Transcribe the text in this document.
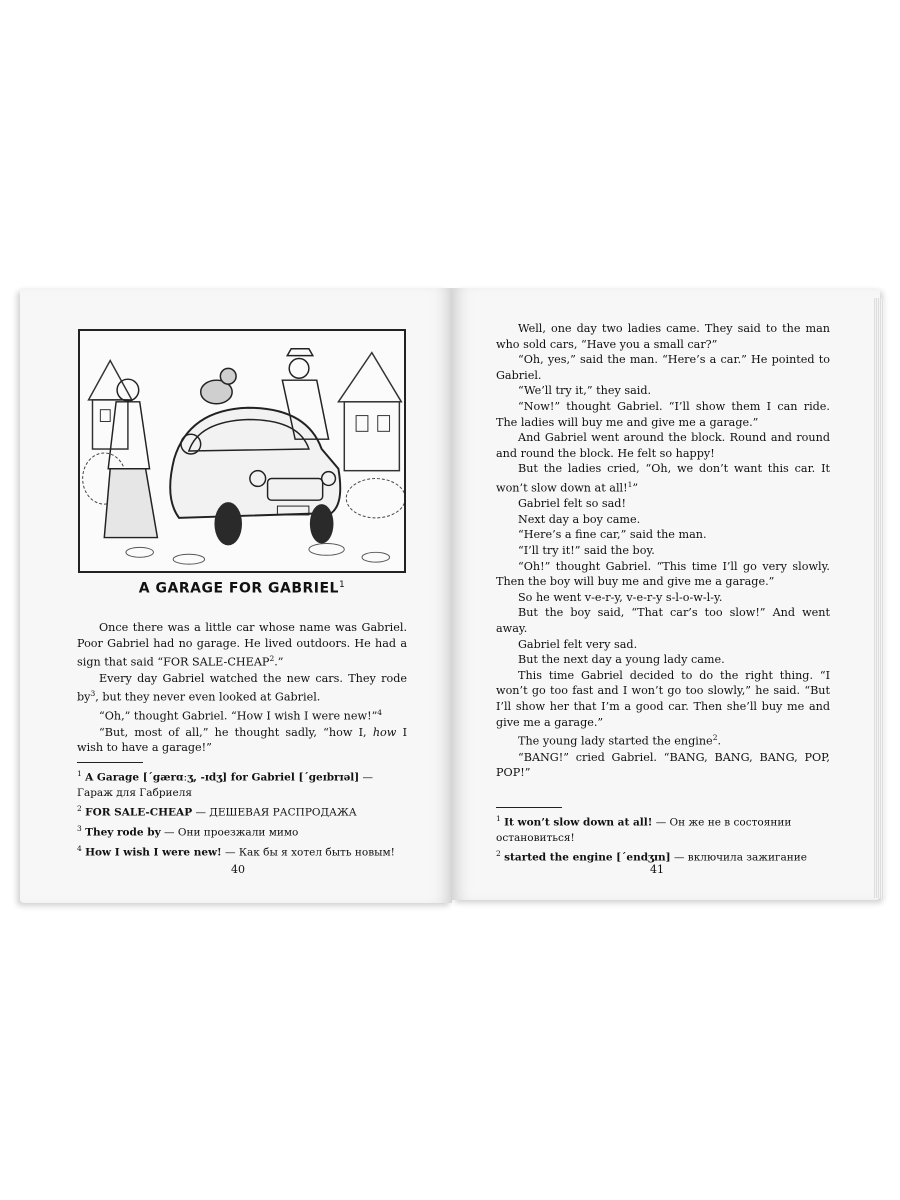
A GARAGE FOR GABRIEL$^1$

Once there was a little car whose name was Gabriel. Poor Gabriel had no garage. He lived outdoors. He had a sign that said “FOR SALE-CHEAP$^2$.”

Every day Gabriel watched the new cars. They rode $by^3$, but they never even looked at Gabriel.

“Oh,” thought Gabriel. “How I wish I were new!”$^4$

“But, most of all,” he thought sadly, “how I, how I wish to have a garage!”

$^1$ A Garage [´gærɑːʒ, -ɪdʒ] for Gabriel [´geɪbrɪəl] — Гараж для Габриеля
$^2$ FOR SALE-CHEAP — ДЕШЕВАЯ РАСПРОДАЖА
$^3$ They rode by — Они проезжали мимо
$^4$ How I wish I were new! — Как бы я хотел быть новым!
40

Well, one day two ladies came. They said to the man who sold cars, “Have you a small car?”

“Oh, yes,” said the man. “Here’s a car.” He pointed to Gabriel.

“We’ll try it,” they said.

“Now!” thought Gabriel. “I’ll show them I can ride. The ladies will buy me and give me a garage.”

And Gabriel went around the block. Round and round and round the block. He felt so happy!

But the ladies cried, “Oh, we don’t want this car. It won’t slow down at all!$^1$”

Gabriel felt so sad!

Next day a boy came.

“Here’s a fine car,” said the man.

“I’ll try it!” said the boy.

“Oh!” thought Gabriel. “This time I’ll go very slowly. Then the boy will buy me and give me a garage.”

So he went v-e-r-y, v-e-r-y s-l-o-w-l-y.

But the boy said, “That car’s too slow!” And went away.

Gabriel felt very sad.

But the next day a young lady came.

This time Gabriel decided to do the right thing. “I won’t go too fast and I won’t go too slowly,” he said. “But I’ll show her that I’m a good car. Then she’ll buy me and give me a garage.”

The young lady started the engine$^2$.

“BANG!” cried Gabriel. “BANG, BANG, BANG, POP, POP!”

$^1$ It won’t slow down at all! — Он же не в состоянии остановиться!
$^2$ started the engine [´endʒɪn] — включила зажигание
41
